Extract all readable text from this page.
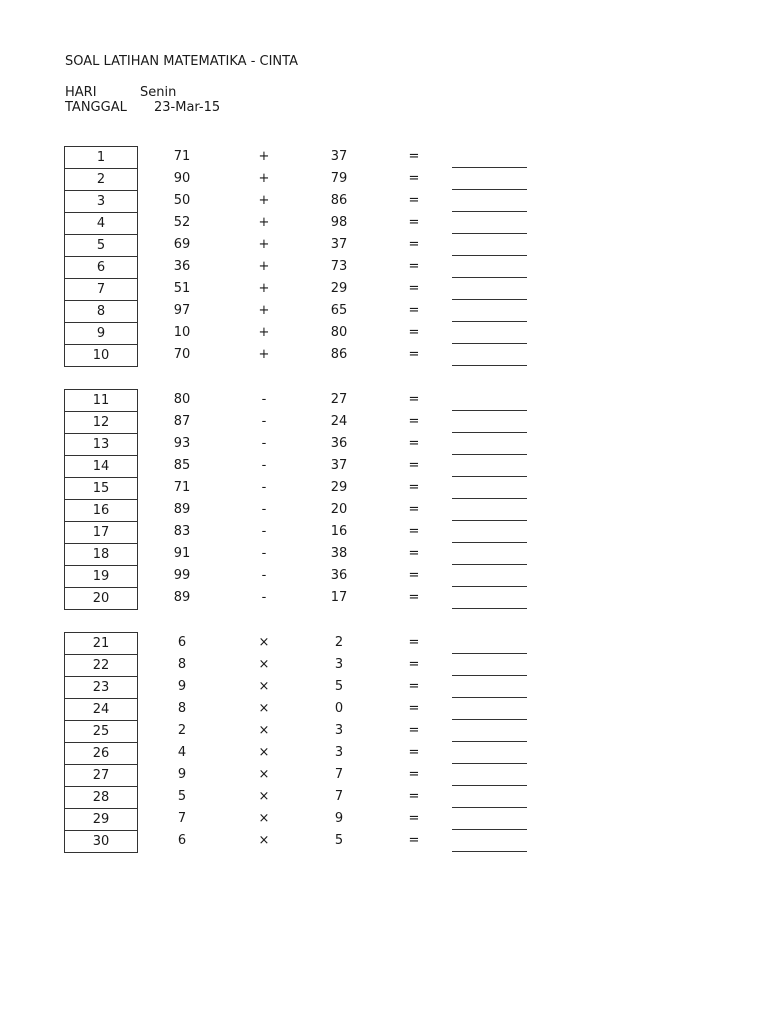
SOAL LATIHAN MATEMATIKA - CINTA
HARI	Senin
TANGGAL 23-Mar-15
1	71	+	37	=
2	90	+	79	=
3	50	+	86	=
4	52	+	98	=
5	69	+	37	=
6	36	+	73	=
7	51	+	29	=
8	97	+	65	=
9	10	+	80	=
10	70	+	86	=
11	80	-	27	=
12	87	-	24	=
13	93	-	36	=
14	85	-	37	=
15	71	-	29	=
16	89	-	20	=
17	83	-	16	=
18	91	-	38	=
19	99	-	36	=
20	89	-	17	=
21	6	×	2	=
22	8	×	3	=
23	9	×	5	=
24	8	×	0	=
25	2	×	3	=
26	4	×	3	=
27	9	×	7	=
28	5	×	7	=
29	7	×	9	=
30	6	×	5	=
